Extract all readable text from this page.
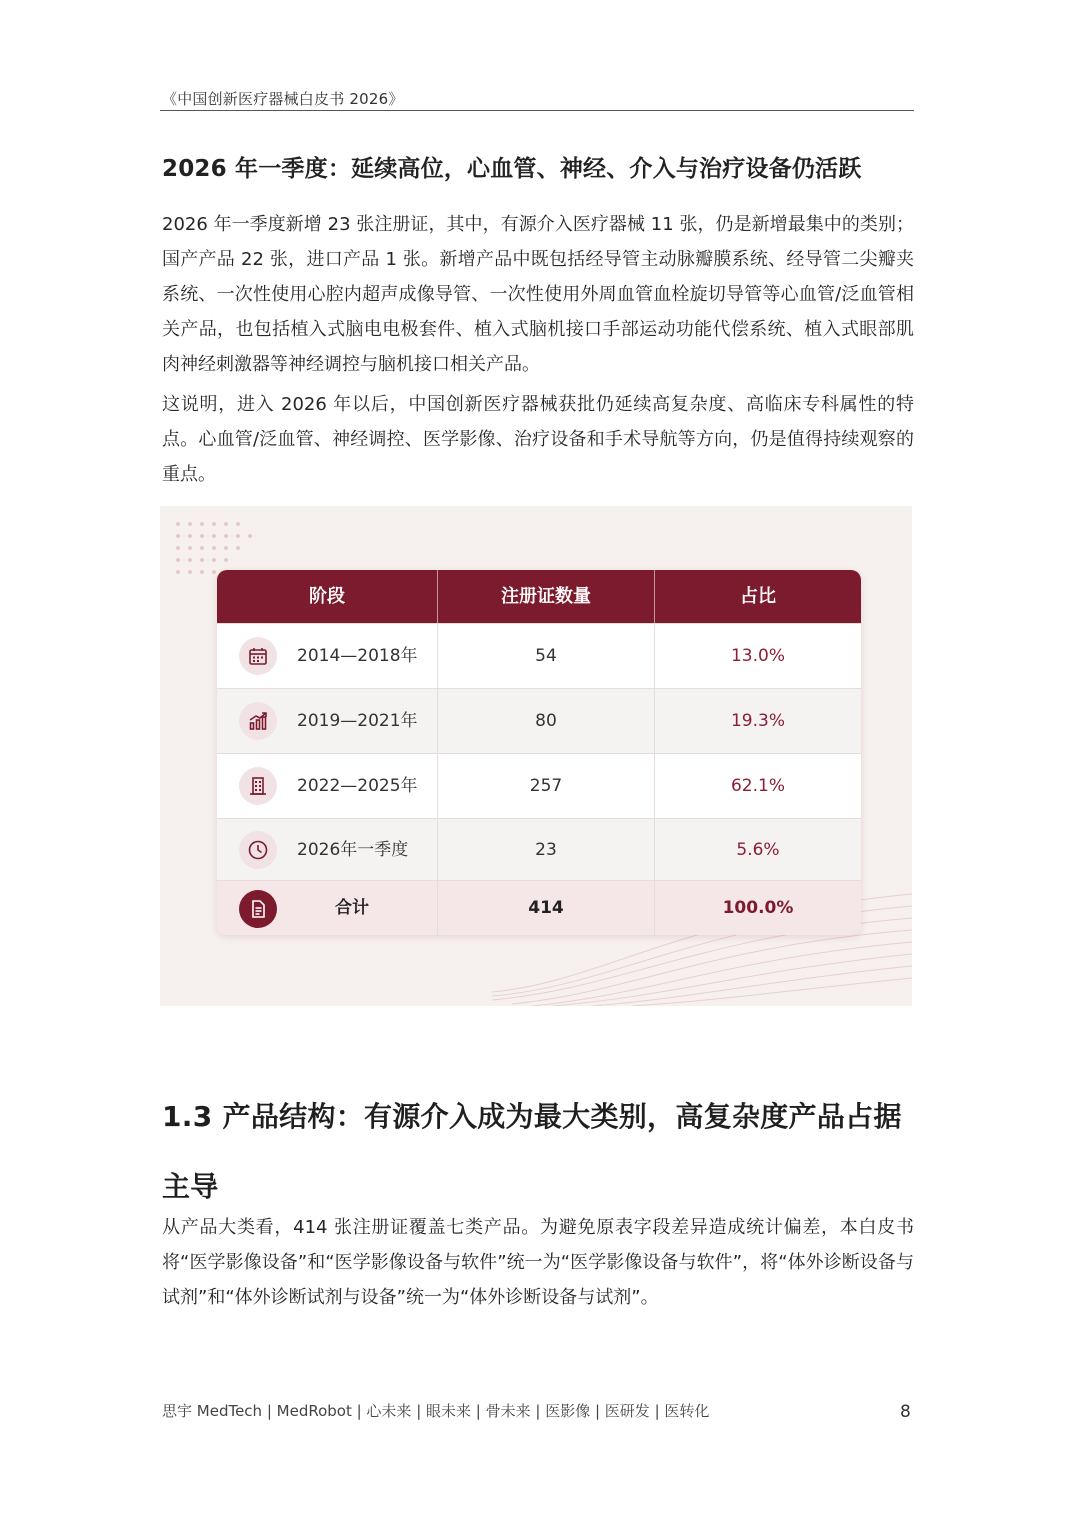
《中国创新医疗器械白皮书 2026》
2026 年一季度：延续高位，心血管、神经、介入与治疗设备仍活跃

2026 年一季度新增 23 张注册证，其中，有源介入医疗器械 11 张，仍是新增最集中的类别；国产产品 22 张，进口产品 1 张。新增产品中既包括经导管主动脉瓣膜系统、经导管二尖瓣夹系统、一次性使用心腔内超声成像导管、一次性使用外周血管血栓旋切导管等心血管/泛血管相关产品，也包括植入式脑电电极套件、植入式脑机接口手部运动功能代偿系统、植入式眼部肌肉神经刺激器等神经调控与脑机接口相关产品。

这说明，进入 2026 年以后，中国创新医疗器械获批仍延续高复杂度、高临床专科属性的特点。心血管/泛血管、神经调控、医学影像、治疗设备和手术导航等方向，仍是值得持续观察的重点。

阶段	注册证数量	占比
2014—2018年	54	13.0%
2019—2021年	80	19.3%
2022—2025年	257	62.1%
2026年一季度	23	5.6%
合计	414	100.0%
1.3 产品结构：有源介入成为最大类别，高复杂度产品占据主导

从产品大类看，414 张注册证覆盖七类产品。为避免原表字段差异造成统计偏差，本白皮书将“医学影像设备”和“医学影像设备与软件”统一为“医学影像设备与软件”，将“体外诊断设备与试剂”和“体外诊断试剂与设备”统一为“体外诊断设备与试剂”。

思宇 MedTech | MedRobot | 心未来 | 眼未来 | 骨未来 | 医影像 | 医研发 | 医转化	8
